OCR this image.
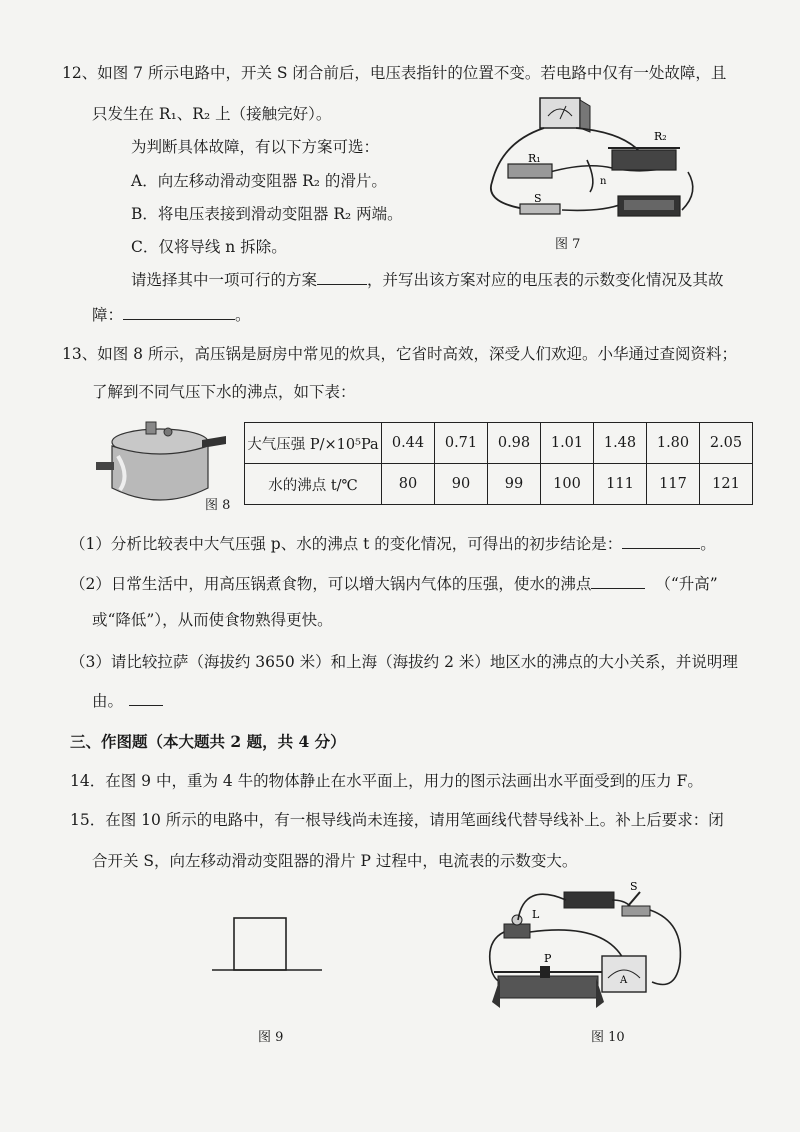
12、如图 7 所示电路中，开关 S 闭合前后，电压表指针的位置不变。若电路中仅有一处故障，且
只发生在 R₁、R₂ 上（接触完好）。
为判断具体故障，有以下方案可选：
A．向左移动滑动变阻器 R₂ 的滑片。
B．将电压表接到滑动变阻器 R₂ 两端。
C．仅将导线 n 拆除。
请选择其中一项可行的方案	，并写出该方案对应的电压表的示数变化情况及其故
障：	。
R₁
R₂
S
n
图 7
13、如图 8 所示，高压锅是厨房中常见的炊具，它省时高效，深受人们欢迎。小华通过查阅资料；
了解到不同气压下水的沸点，如下表：
图 8
大气压强 P/×10⁵Pa	0.44	0.71	0.98	1.01	1.48	1.80	2.05
水的沸点 t/℃	80	90	99	100	111	117	121
（1）分析比较表中大气压强 p、水的沸点 t 的变化情况，可得出的初步结论是：	。
（2）日常生活中，用高压锅煮食物，可以增大锅内气体的压强，使水的沸点	（“升高”
或“降低”），从而使食物熟得更快。
（3）请比较拉萨（海拔约 3650 米）和上海（海拔约 2 米）地区水的沸点的大小关系，并说明理
由。
三、作图题（本大题共 2 题，共 4 分）
14．在图 9 中，重为 4 牛的物体静止在水平面上，用力的图示法画出水平面受到的压力 F。
15．在图 10 所示的电路中，有一根导线尚未连接，请用笔画线代替导线补上。补上后要求：闭
合开关 S，向左移动滑动变阻器的滑片 P 过程中，电流表的示数变大。
图 9
L
S
P
A
图 10
